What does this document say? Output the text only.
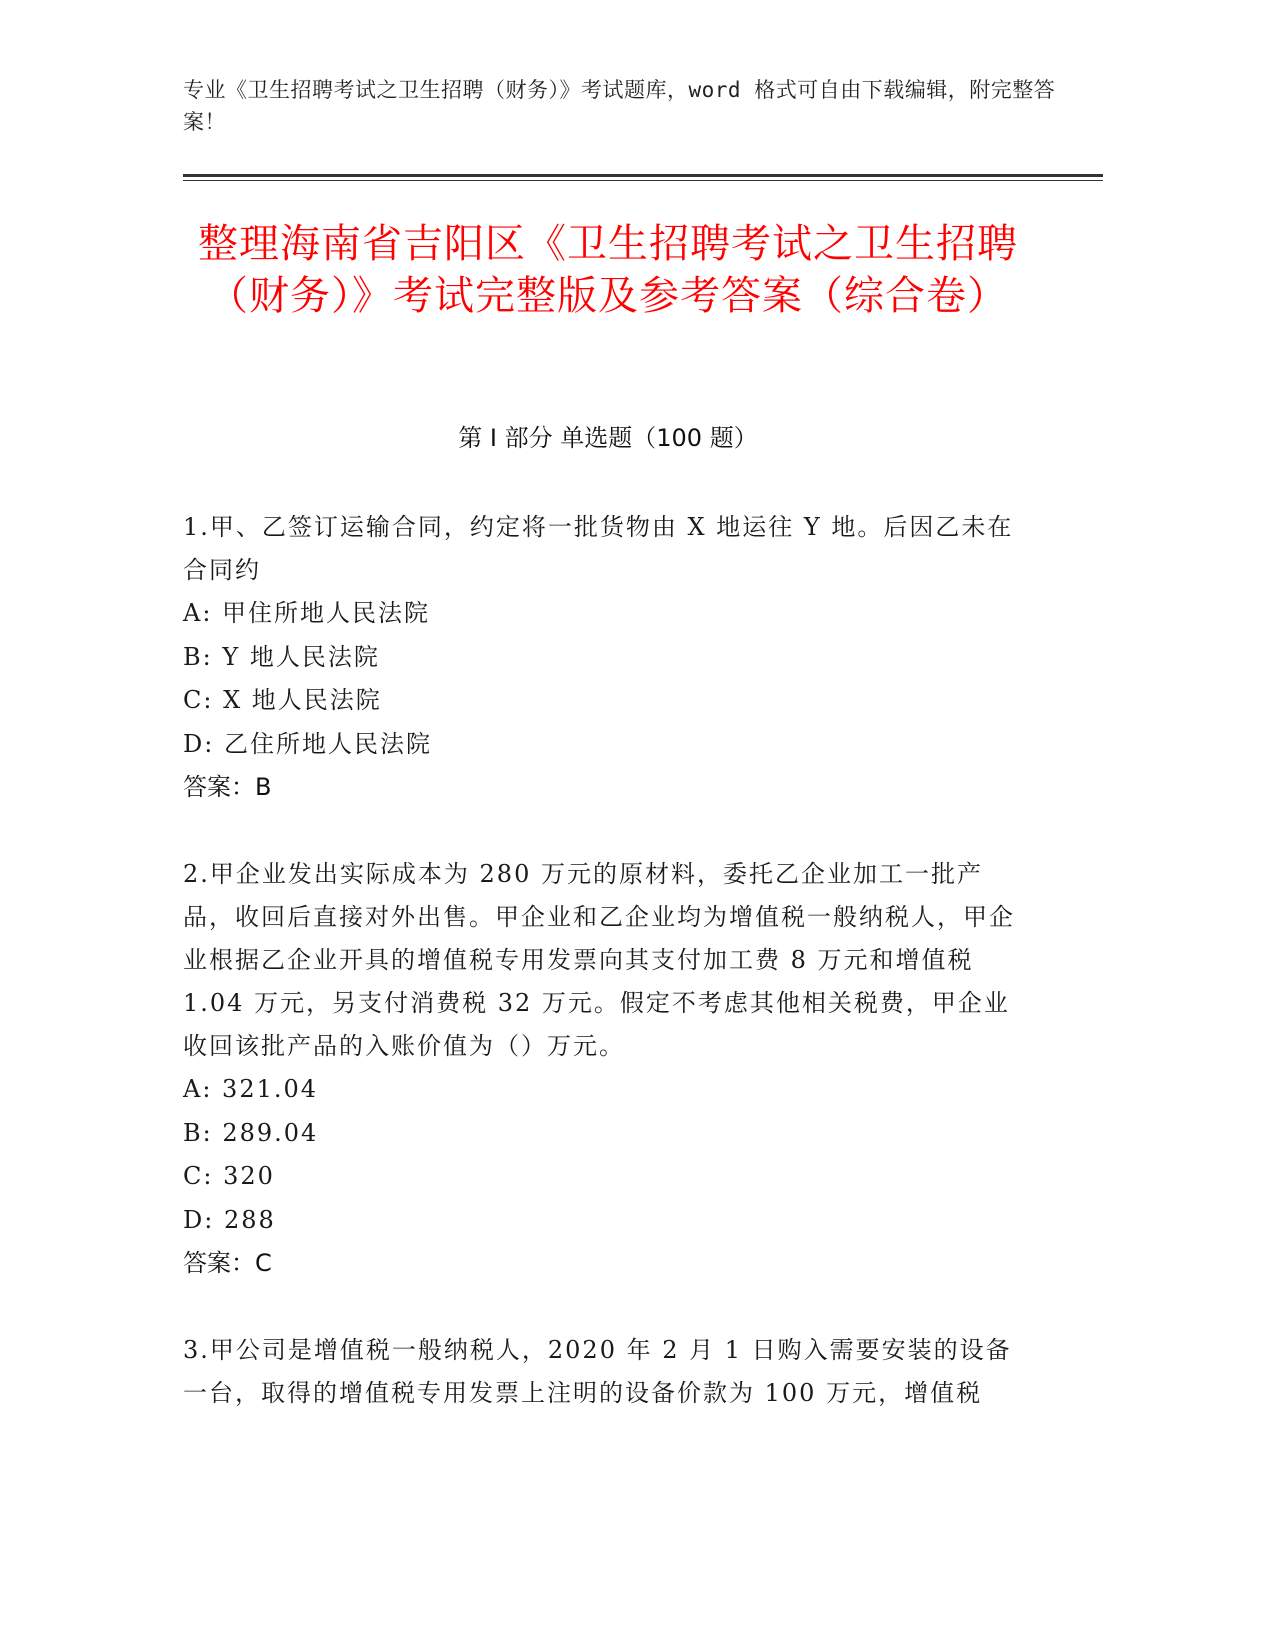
专业《卫生招聘考试之卫生招聘（财务）》考试题库，word 格式可自由下载编辑，附完整答案！
整理海南省吉阳区《卫生招聘考试之卫生招聘（财务）》考试完整版及参考答案（综合卷）
第 I 部分 单选题（100 题）
1.甲、乙签订运输合同，约定将一批货物由 X 地运往 Y 地。后因乙未在合同约
A: 甲住所地人民法院
B: Y 地人民法院
C: X 地人民法院
D: 乙住所地人民法院
答案：B
2.甲企业发出实际成本为 280 万元的原材料，委托乙企业加工一批产品，收回后直接对外出售。甲企业和乙企业均为增值税一般纳税人，甲企业根据乙企业开具的增值税专用发票向其支付加工费 8 万元和增值税 1.04 万元，另支付消费税 32 万元。假定不考虑其他相关税费，甲企业收回该批产品的入账价值为（）万元。
A: 321.04
B: 289.04
C: 320
D: 288
答案：C
3.甲公司是增值税一般纳税人，2020 年 2 月 1 日购入需要安装的设备一台，取得的增值税专用发票上注明的设备价款为 100 万元，增值税
